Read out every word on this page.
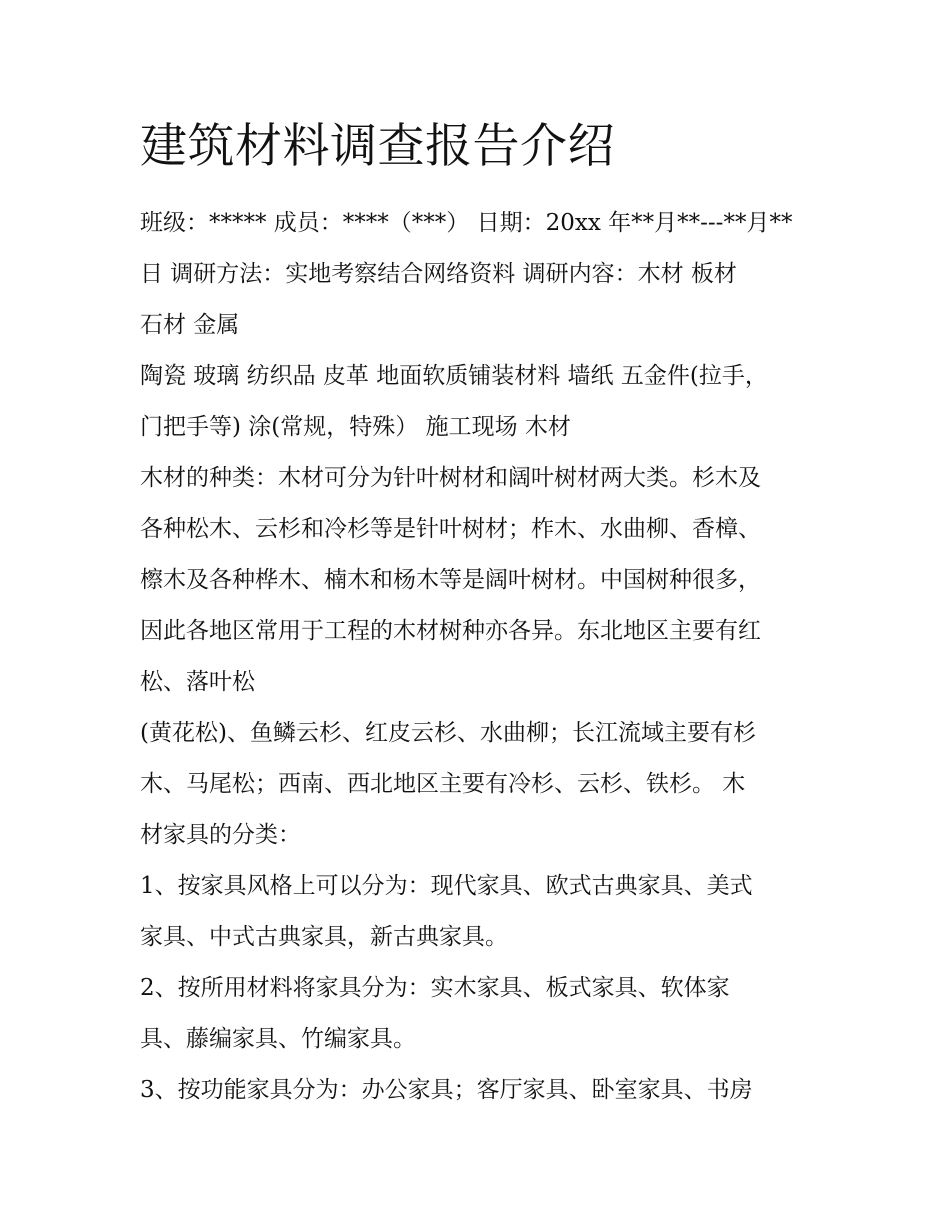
建筑材料调查报告介绍
班级：***** 成员：****（***） 日期：20xx 年**月**---**月**
日 调研方法：实地考察结合网络资料 调研内容：木材 板材
石材 金属
陶瓷 玻璃 纺织品 皮革 地面软质铺装材料 墙纸 五金件(拉手，
门把手等) 涂(常规，特殊） 施工现场 木材
木材的种类：木材可分为针叶树材和阔叶树材两大类。杉木及
各种松木、云杉和冷杉等是针叶树材；柞木、水曲柳、香樟、
檫木及各种桦木、楠木和杨木等是阔叶树材。中国树种很多，
因此各地区常用于工程的木材树种亦各异。东北地区主要有红
松、落叶松
(黄花松)、鱼鳞云杉、红皮云杉、水曲柳；长江流域主要有杉
木、马尾松；西南、西北地区主要有冷杉、云杉、铁杉。 木
材家具的分类：
1、按家具风格上可以分为：现代家具、欧式古典家具、美式
家具、中式古典家具，新古典家具。
2、按所用材料将家具分为：实木家具、板式家具、软体家
具、藤编家具、竹编家具。
3、按功能家具分为：办公家具；客厅家具、卧室家具、书房
